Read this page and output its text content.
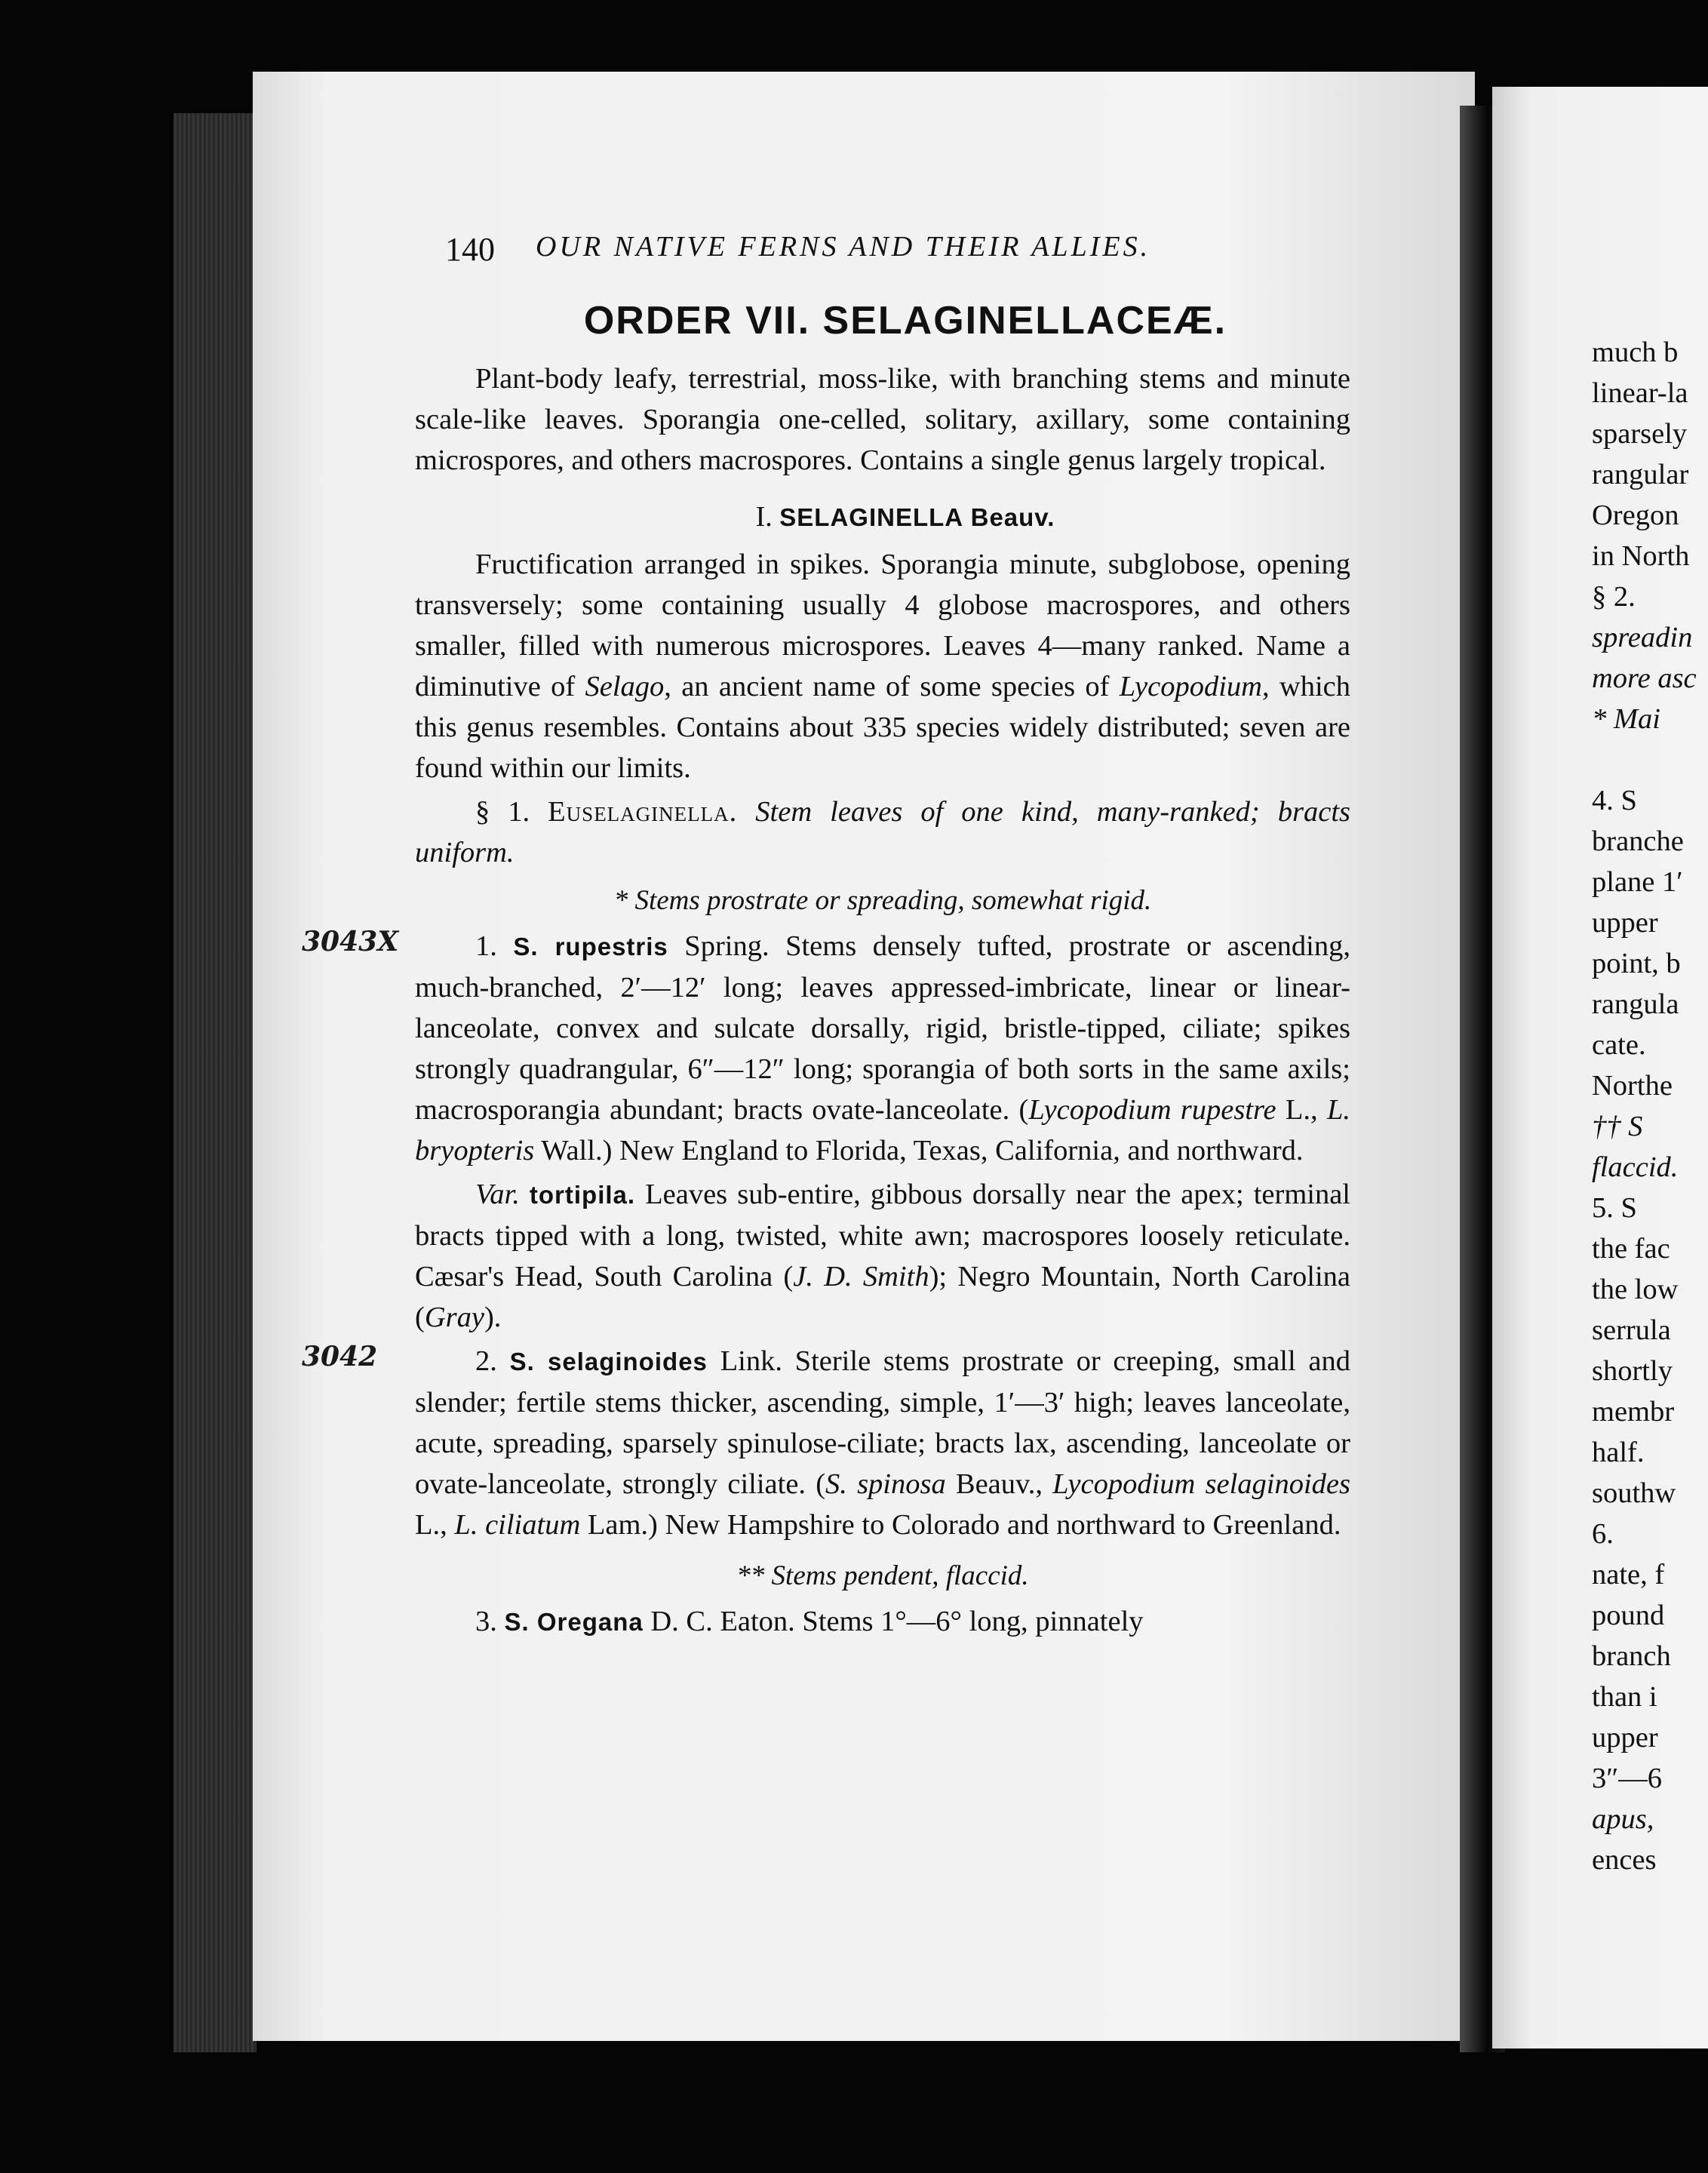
140 OUR NATIVE FERNS AND THEIR ALLIES.
ORDER VII. SELAGINELLACEÆ.

Plant-body leafy, terrestrial, moss-like, with branching stems and minute scale-like leaves. Sporangia one-celled, solitary, axillary, some containing microspores, and others macrospores. Contains a single genus largely tropical.

I. SELAGINELLA Beauv.

Fructification arranged in spikes. Sporangia minute, subglobose, opening transversely; some containing usually 4 globose macrospores, and others smaller, filled with numerous microspores. Leaves 4—many ranked. Name a diminutive of Selago, an ancient name of some species of Lycopodium, which this genus resembles. Contains about 335 species widely distributed; seven are found within our limits.

§ 1. Euselaginella. Stem leaves of one kind, many-ranked; bracts uniform.

* Stems prostrate or spreading, somewhat rigid.

3043X	1. S. rupestris Spring. Stems densely tufted, prostrate or ascending, much-branched, 2′—12′ long; leaves appressed-imbricate, linear or linear-lanceolate, convex and sulcate dorsally, rigid, bristle-tipped, ciliate; spikes strongly quadrangular, 6″—12″ long; sporangia of both sorts in the same axils; macrosporangia abundant; bracts ovate-lanceolate. (Lycopodium rupestre L., L. bryopteris Wall.) New England to Florida, Texas, California, and northward.

Var. tortipila. Leaves sub-entire, gibbous dorsally near the apex; terminal bracts tipped with a long, twisted, white awn; macrospores loosely reticulate. Cæsar's Head, South Carolina (J. D. Smith); Negro Mountain, North Carolina (Gray).

3042	2. S. selaginoides Link. Sterile stems prostrate or creeping, small and slender; fertile stems thicker, ascending, simple, 1′—3′ high; leaves lanceolate, acute, spreading, sparsely spinulose-ciliate; bracts lax, ascending, lanceolate or ovate-lanceolate, strongly ciliate. (S. spinosa Beauv., Lycopodium selaginoides L., L. ciliatum Lam.) New Hampshire to Colorado and northward to Greenland.

** Stems pendent, flaccid.

3. S. Oregana D. C. Eaton. Stems 1°—6° long, pinnately

much b
linear-la
sparsely
rangular
Oregon
in North
§ 2.
spreadin
more asc
* Mai
4. S
branche
plane 1′
upper
point, b
rangula
cate.
Northe
†† S
flaccid.
5. S
the fac
the low
serrula
shortly
membr
half.
southw
6.
nate, f
pound
branch
than i
upper
3″—6
apus,
ences
